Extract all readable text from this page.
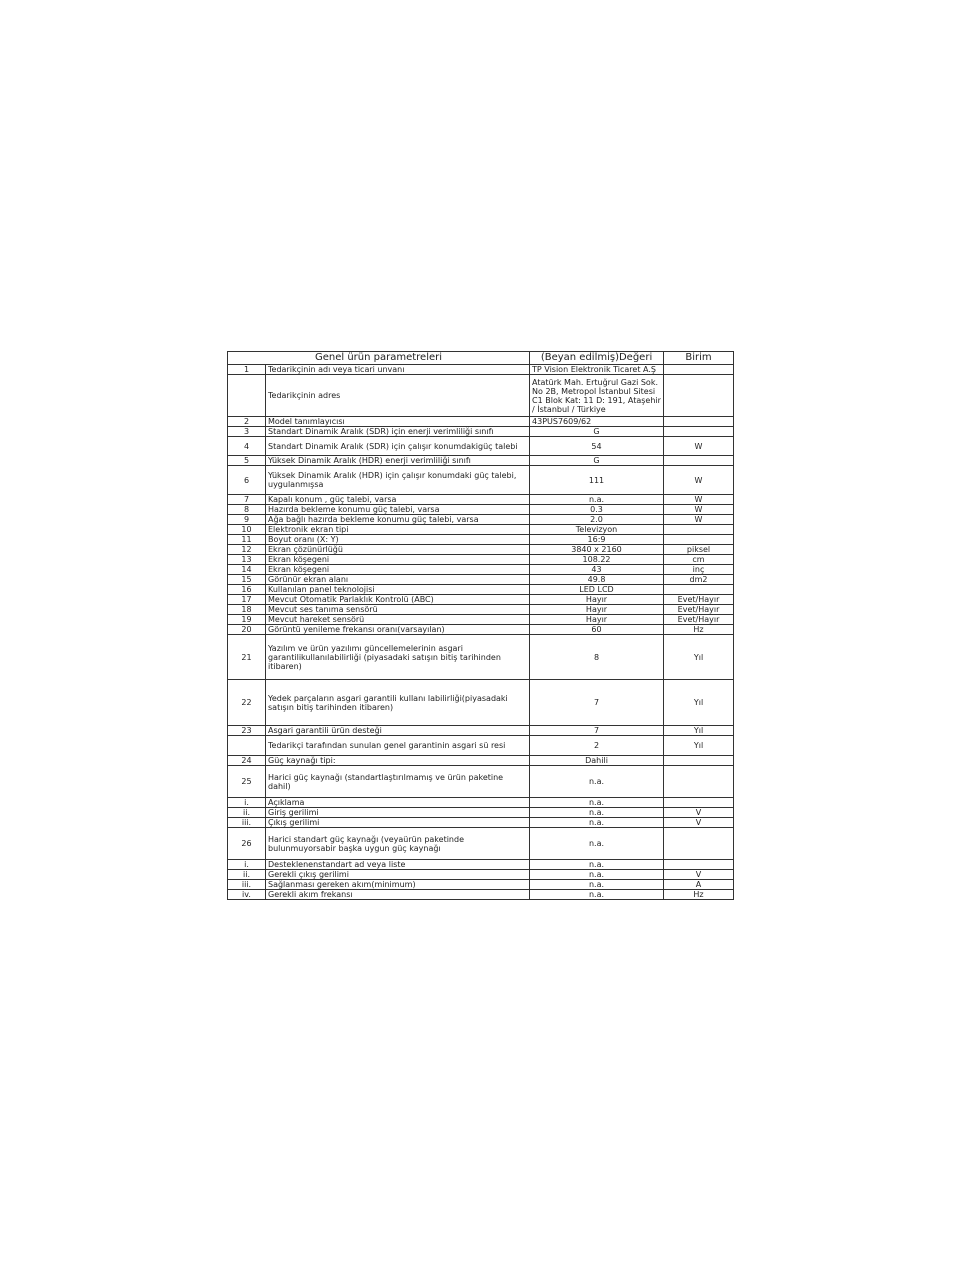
Genel ürün parametreleri		(Beyan edilmiş)Değeri	Birim
1	Tedarikçinin adı veya ticari unvanı	TP Vision Elektronik Ticaret A.Ş	
	Tedarikçinin adres	Atatürk Mah. Ertuğrul Gazi Sok. No 2B, Metropol İstanbul Sitesi C1 Blok Kat: 11 D: 191, Ataşehir / İstanbul / Türkiye	
2	Model tanımlayıcısı	43PUS7609/62	
3	Standart Dinamik Aralık (SDR) için enerji verimliliği sınıfı	G	
4	Standart Dinamik Aralık (SDR) için çalışır konumdakigüç talebi	54	W
5	Yüksek Dinamik Aralık (HDR) enerji verimliliği sınıfı	G	
6	Yüksek Dinamik Aralık (HDR) için çalışır konumdaki güç talebi, uygulanmışsa	111	W
7	Kapalı konum , güç talebi, varsa	n.a.	W
8	Hazırda bekleme konumu güç talebi, varsa	0.3	W
9	Ağa bağlı hazırda bekleme konumu güç talebi, varsa	2.0	W
10	Elektronik ekran tipi	Televizyon	
11	Boyut oranı (X: Y)	16:9	
12	Ekran çözünürlüğü	3840 x 2160	piksel
13	Ekran köşegeni	108.22	cm
14	Ekran köşegeni	43	inç
15	Görünür ekran alanı	49.8	dm2
16	Kullanılan panel teknolojisi	LED LCD	
17	Mevcut Otomatik Parlaklık Kontrolü (ABC)	Hayır	Evet/Hayır
18	Mevcut ses tanıma sensörü	Hayır	Evet/Hayır
19	Mevcut hareket sensörü	Hayır	Evet/Hayır
20	Görüntü yenileme frekansı oranı(varsayılan)	60	Hz
21	Yazılım ve ürün yazılımı güncellemelerinin asgari garantilikullanılabilirliği (piyasadaki satışın bitiş tarihinden itibaren)	8	Yıl
22	Yedek parçaların asgari garantili kullanı labilirliği(piyasadaki satışın bitiş tarihinden itibaren)	7	Yıl
23	Asgari garantili ürün desteği	7	Yıl
	Tedarikçi tarafından sunulan genel garantinin asgari sü resi	2	Yıl
24	Güç kaynağı tipi:	Dahili	
25	Harici güç kaynağı (standartlaştırılmamış ve ürün paketine dahil)	n.a.	
i.	Açıklama	n.a.	
ii.	Giriş gerilimi	n.a.	V
iii.	Çıkış gerilimi	n.a.	V
26	Harici standart güç kaynağı (veyaürün paketinde bulunmuyorsabir başka uygun güç kaynağı	n.a.	
i.	Desteklenenstandart ad veya liste	n.a.	
ii.	Gerekli çıkış gerilimi	n.a.	V
iii.	Sağlanması gereken akım(minimum)	n.a.	A
iv.	Gerekli akım frekansı	n.a.	Hz
